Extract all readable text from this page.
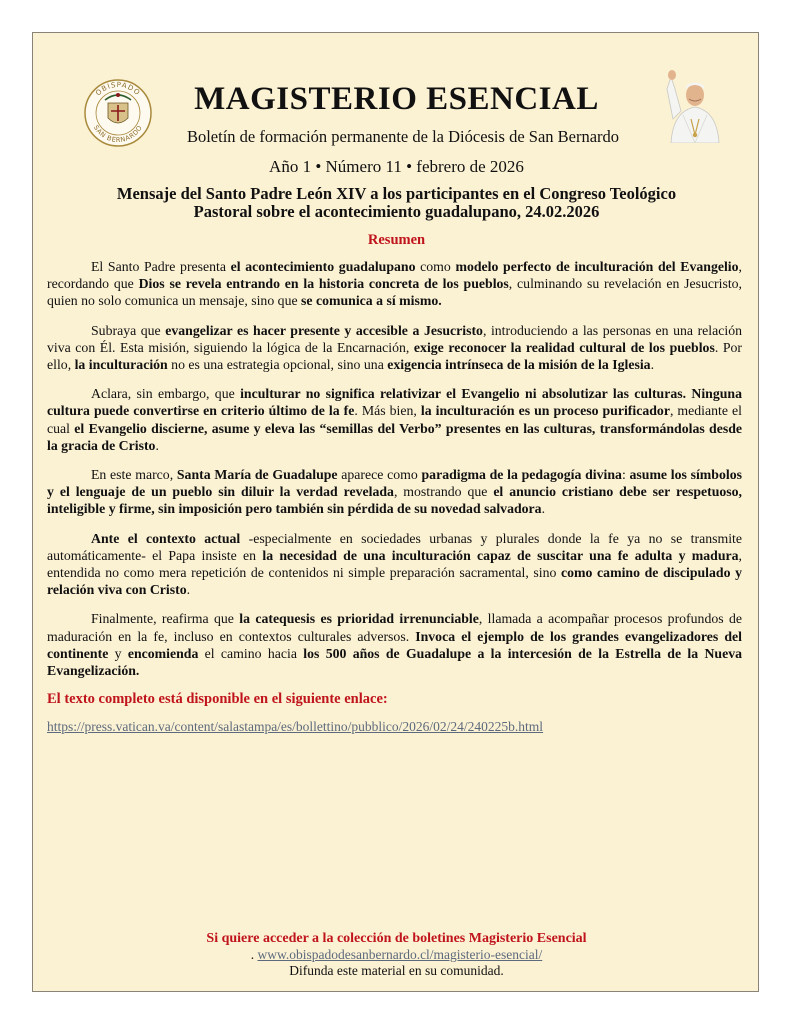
OBISPADO
SAN BERNARDO
MAGISTERIO ESENCIAL

Boletín de formación permanente de la Diócesis de San Bernardo

Año 1 • Número 11 • febrero de 2026

Mensaje del Santo Padre León XIV a los participantes en el Congreso Teológico
Pastoral sobre el acontecimiento guadalupano, 24.02.2026

Resumen

El Santo Padre presenta el acontecimiento guadalupano como modelo perfecto de inculturación del Evangelio, recordando que Dios se revela entrando en la historia concreta de los pueblos, culminando su revelación en Jesucristo, quien no solo comunica un mensaje, sino que se comunica a sí mismo.

Subraya que evangelizar es hacer presente y accesible a Jesucristo, introduciendo a las personas en una relación viva con Él. Esta misión, siguiendo la lógica de la Encarnación, exige reconocer la realidad cultural de los pueblos. Por ello, la inculturación no es una estrategia opcional, sino una exigencia intrínseca de la misión de la Iglesia.

Aclara, sin embargo, que inculturar no significa relativizar el Evangelio ni absolutizar las culturas. Ninguna cultura puede convertirse en criterio último de la fe. Más bien, la inculturación es un proceso purificador, mediante el cual el Evangelio discierne, asume y eleva las “semillas del Verbo” presentes en las culturas, transformándolas desde la gracia de Cristo.

En este marco, Santa María de Guadalupe aparece como paradigma de la pedagogía divina: asume los símbolos y el lenguaje de un pueblo sin diluir la verdad revelada, mostrando que el anuncio cristiano debe ser respetuoso, inteligible y firme, sin imposición pero también sin pérdida de su novedad salvadora.

Ante el contexto actual -especialmente en sociedades urbanas y plurales donde la fe ya no se transmite automáticamente- el Papa insiste en la necesidad de una inculturación capaz de suscitar una fe adulta y madura, entendida no como mera repetición de contenidos ni simple preparación sacramental, sino como camino de discipulado y relación viva con Cristo.

Finalmente, reafirma que la catequesis es prioridad irrenunciable, llamada a acompañar procesos profundos de maduración en la fe, incluso en contextos culturales adversos. Invoca el ejemplo de los grandes evangelizadores del continente y encomienda el camino hacia los 500 años de Guadalupe a la intercesión de la Estrella de la Nueva Evangelización.

El texto completo está disponible en el siguiente enlace:

https://press.vatican.va/content/salastampa/es/bollettino/pubblico/2026/02/24/240225b.html

Si quiere acceder a la colección de boletines Magisterio Esencial
. www.obispadodesanbernardo.cl/magisterio-esencial/
Difunda este material en su comunidad.
